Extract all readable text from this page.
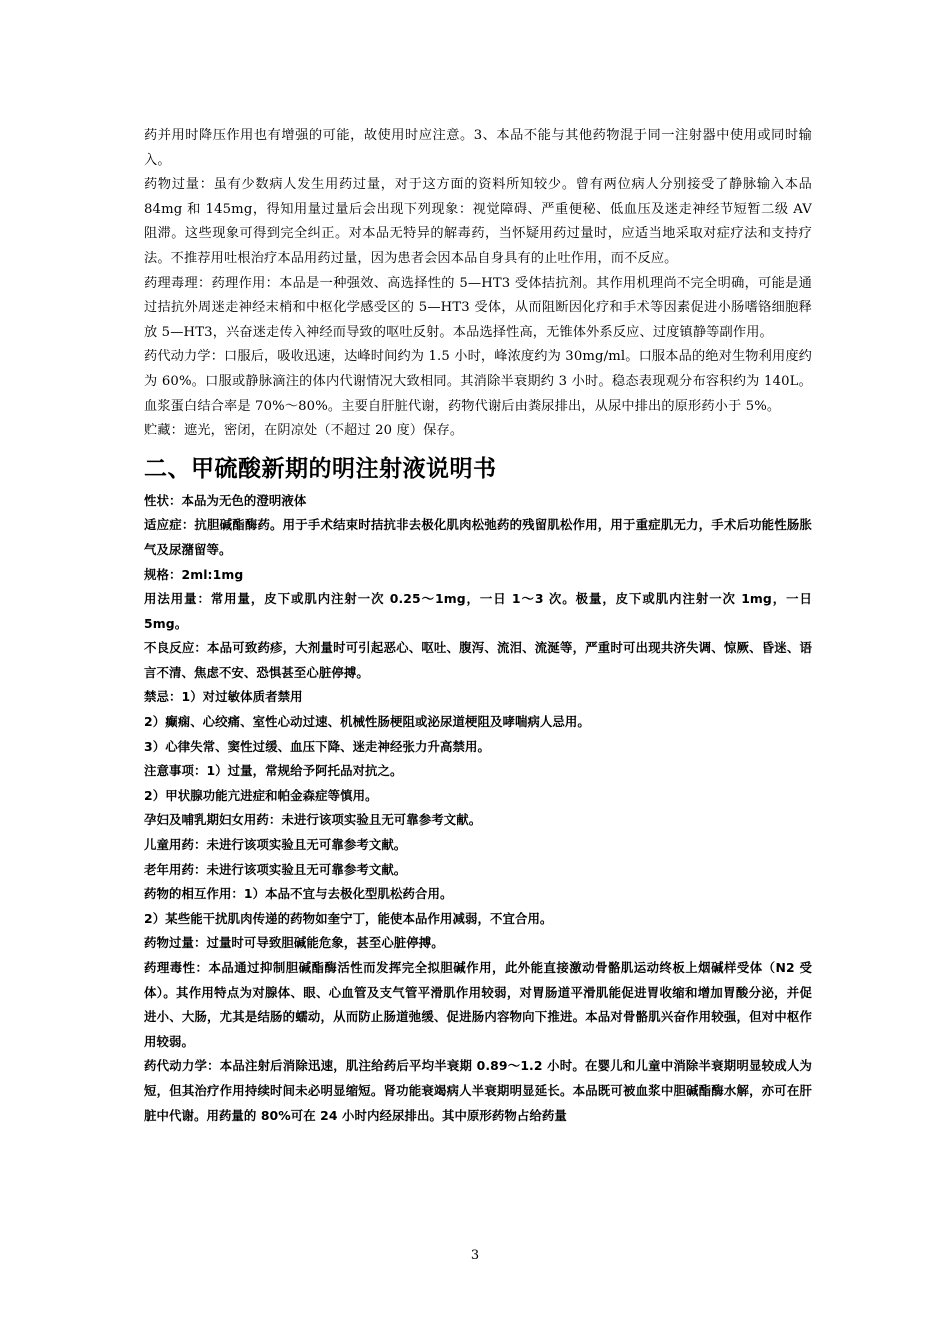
药并用时降压作用也有增强的可能，故使用时应注意。3、本品不能与其他药物混于同一注射器中使用或同时输入。

药物过量：虽有少数病人发生用药过量，对于这方面的资料所知较少。曾有两位病人分别接受了静脉输入本品 84mg 和 145mg，得知用量过量后会出现下列现象：视觉障碍、严重便秘、低血压及迷走神经节短暂二级 AV 阻滞。这些现象可得到完全纠正。对本品无特异的解毒药，当怀疑用药过量时，应适当地采取对症疗法和支持疗法。不推荐用吐根治疗本品用药过量，因为患者会因本品自身具有的止吐作用，而不反应。

药理毒理：药理作用：本品是一种强效、高选择性的 5—HT3 受体拮抗剂。其作用机理尚不完全明确，可能是通过拮抗外周迷走神经末梢和中枢化学感受区的 5—HT3 受体，从而阻断因化疗和手术等因素促进小肠嗜铬细胞释放 5—HT3，兴奋迷走传入神经而导致的呕吐反射。本品选择性高，无锥体外系反应、过度镇静等副作用。

药代动力学：口服后，吸收迅速，达峰时间约为 1.5 小时，峰浓度约为 30mg/ml。口服本品的绝对生物利用度约为 60%。口服或静脉滴注的体内代谢情况大致相同。其消除半衰期约 3 小时。稳态表现观分布容积约为 140L。血浆蛋白结合率是 70%～80%。主要自肝脏代谢，药物代谢后由粪尿排出，从尿中排出的原形药小于 5%。

贮藏：遮光，密闭，在阴凉处（不超过 20 度）保存。

二、甲硫酸新期的明注射液说明书

性状：本品为无色的澄明液体

适应症：抗胆碱酯酶药。用于手术结束时拮抗非去极化肌肉松弛药的残留肌松作用，用于重症肌无力，手术后功能性肠胀气及尿潴留等。

规格：2ml:1mg

用法用量：常用量，皮下或肌内注射一次 0.25～1mg，一日 1～3 次。极量，皮下或肌内注射一次 1mg，一日 5mg。

不良反应：本品可致药疹，大剂量时可引起恶心、呕吐、腹泻、流泪、流涎等，严重时可出现共济失调、惊厥、昏迷、语言不清、焦虑不安、恐惧甚至心脏停搏。

禁忌：1）对过敏体质者禁用

2）癫痫、心绞痛、室性心动过速、机械性肠梗阻或泌尿道梗阻及哮喘病人忌用。

3）心律失常、窦性过缓、血压下降、迷走神经张力升高禁用。

注意事项：1）过量，常规给予阿托品对抗之。

2）甲状腺功能亢进症和帕金森症等慎用。

孕妇及哺乳期妇女用药：未进行该项实验且无可靠参考文献。

儿童用药：未进行该项实验且无可靠参考文献。

老年用药：未进行该项实验且无可靠参考文献。

药物的相互作用：1）本品不宜与去极化型肌松药合用。

2）某些能干扰肌肉传递的药物如奎宁丁，能使本品作用减弱，不宜合用。

药物过量：过量时可导致胆碱能危象，甚至心脏停搏。

药理毒性：本品通过抑制胆碱酯酶活性而发挥完全拟胆碱作用，此外能直接激动骨骼肌运动终板上烟碱样受体（N2 受体）。其作用特点为对腺体、眼、心血管及支气管平滑肌作用较弱，对胃肠道平滑肌能促进胃收缩和增加胃酸分泌，并促进小、大肠，尤其是结肠的蠕动，从而防止肠道弛缓、促进肠内容物向下推进。本品对骨骼肌兴奋作用较强，但对中枢作用较弱。

药代动力学：本品注射后消除迅速，肌注给药后平均半衰期 0.89～1.2 小时。在婴儿和儿童中消除半衰期明显较成人为短，但其治疗作用持续时间未必明显缩短。肾功能衰竭病人半衰期明显延长。本品既可被血浆中胆碱酯酶水解，亦可在肝脏中代谢。用药量的 80%可在 24 小时内经尿排出。其中原形药物占给药量

3
